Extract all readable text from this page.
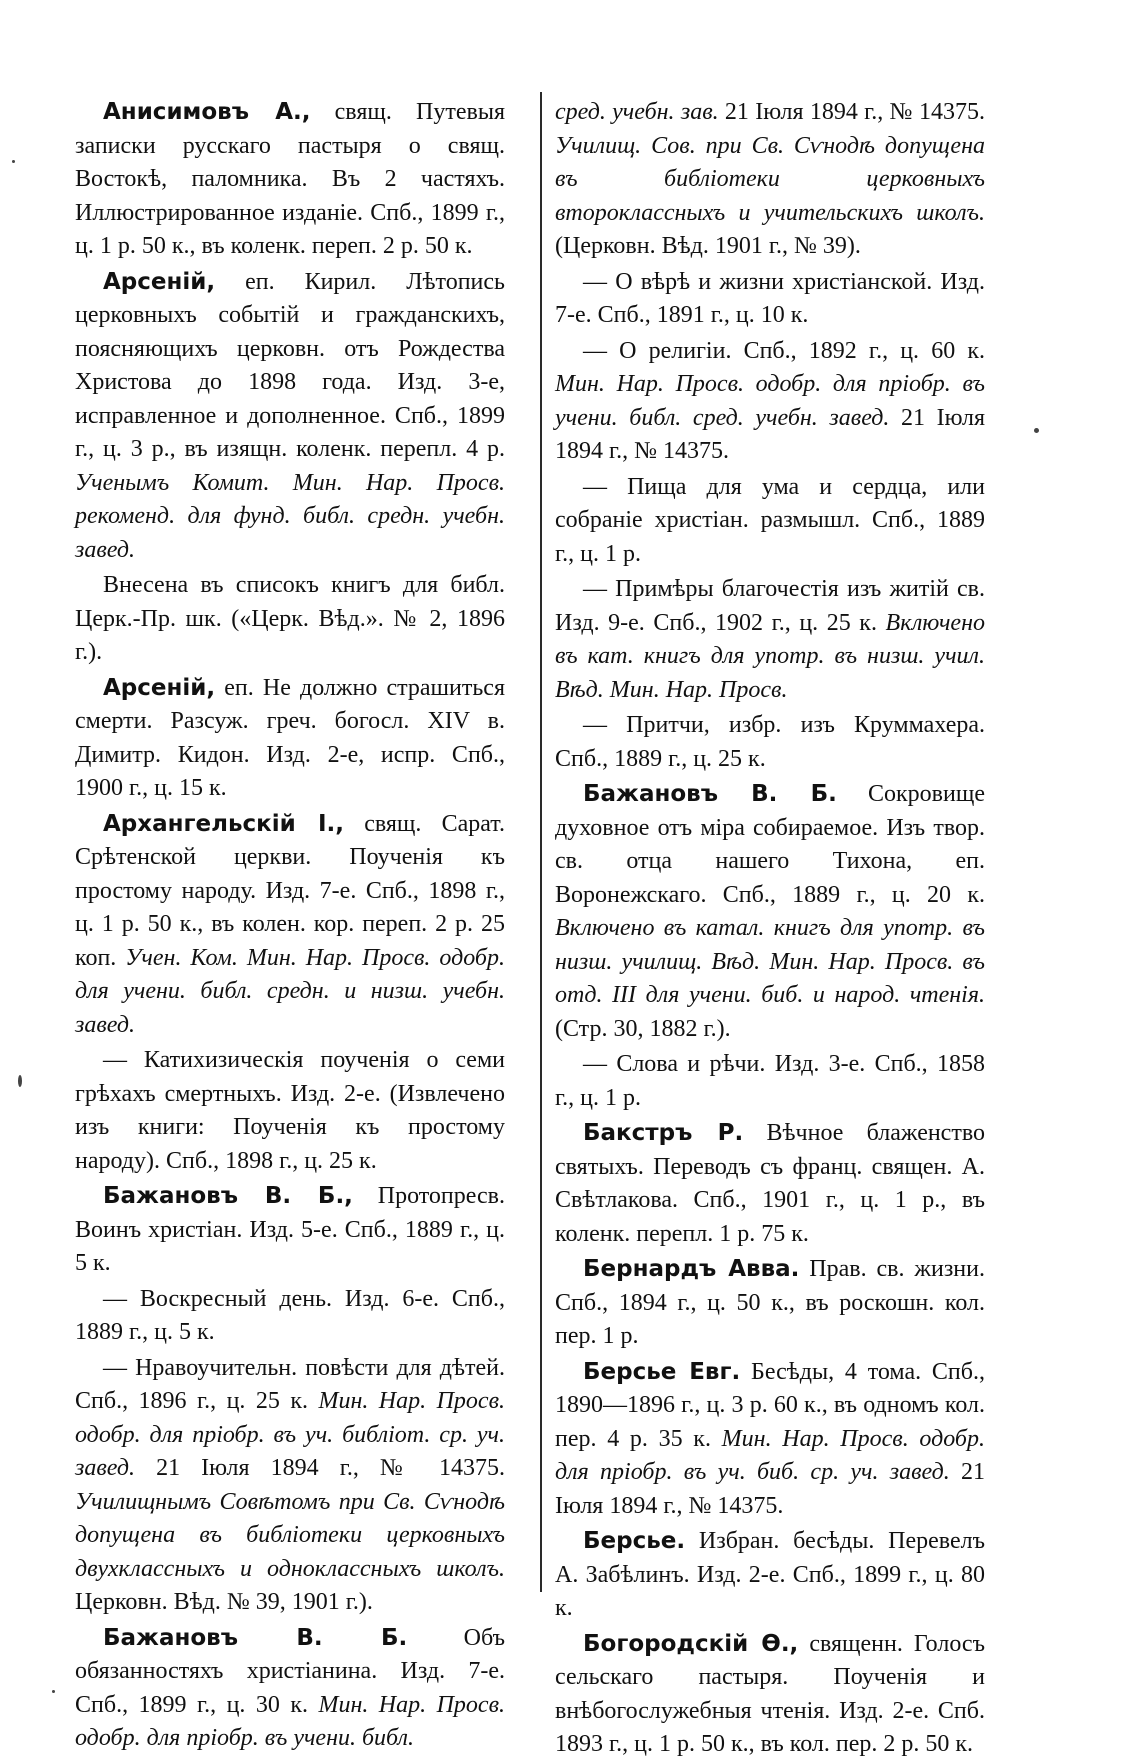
Анисимовъ А., свящ. Путевыя записки русскаго пастыря о свящ. Востокѣ, паломника. Въ 2 частяхъ. Иллюстрированное изданіе. Спб., 1899 г., ц. 1 р. 50 к., въ коленк. переп. 2 р. 50 к.

Арсеній, еп. Кирил. Лѣтопись церковныхъ событій и гражданскихъ, поясняющихъ церковн. отъ Рождества Христова до 1898 года. Изд. 3-е, исправленное и дополненное. Спб., 1899 г., ц. 3 р., въ изящн. коленк. перепл. 4 р. Ученымъ Комит. Мин. Нар. Просв. рекоменд. для фунд. библ. средн. учебн. завед.

Внесена въ списокъ книгъ для библ. Церк.-Пр. шк. («Церк. Вѣд.». № 2, 1896 г.).

Арсеній, еп. Не должно страшиться смерти. Разсуж. греч. богосл. XIV в. Димитр. Кидон. Изд. 2-е, испр. Спб., 1900 г., ц. 15 к.

Архангельскій І., свящ. Сарат. Срѣтенской церкви. Поученія къ простому народу. Изд. 7-е. Спб., 1898 г., ц. 1 р. 50 к., въ колен. кор. переп. 2 р. 25 коп. Учен. Ком. Мин. Нар. Просв. одобр. для учени. библ. средн. и низш. учебн. завед.

— Катихизическія поученія о семи грѣхахъ смертныхъ. Изд. 2-е. (Извлечено изъ книги: Поученія къ простому народу). Спб., 1898 г., ц. 25 к.

Бажановъ В. Б., Протопресв. Воинъ христіан. Изд. 5-е. Спб., 1889 г., ц. 5 к.

— Воскресный день. Изд. 6-е. Спб., 1889 г., ц. 5 к.

— Нравоучительн. повѣсти для дѣтей. Спб., 1896 г., ц. 25 к. Мин. Нар. Просв. одобр. для пріобр. въ уч. библіот. ср. уч. завед. 21 Іюля 1894 г., № 14375. Училищнымъ Совѣтомъ при Св. Сѵнодѣ допущена въ библіотеки церковныхъ двухклассныхъ и одноклассныхъ школъ. Церковн. Вѣд. № 39, 1901 г.).

Бажановъ В. Б. Объ обязанностяхъ христіанина. Изд. 7-е. Спб., 1899 г., ц. 30 к. Мин. Нар. Просв. одобр. для пріобр. въ учени. библ.

сред. учебн. зав. 21 Іюля 1894 г., № 14375. Училищ. Сов. при Св. Сѵнодѣ допущена въ библіотеки церковныхъ второклассныхъ и учительскихъ школъ. (Церковн. Вѣд. 1901 г., № 39).

— О вѣрѣ и жизни христіанской. Изд. 7-е. Спб., 1891 г., ц. 10 к.

— О религіи. Спб., 1892 г., ц. 60 к. Мин. Нар. Просв. одобр. для пріобр. въ учени. библ. сред. учебн. завед. 21 Іюля 1894 г., № 14375.

— Пища для ума и сердца, или собраніе христіан. размышл. Спб., 1889 г., ц. 1 р.

— Примѣры благочестія изъ житій св. Изд. 9-е. Спб., 1902 г., ц. 25 к. Включено въ кат. книгъ для употр. въ низш. учил. Вѣд. Мин. Нар. Просв.

— Притчи, избр. изъ Круммахера. Спб., 1889 г., ц. 25 к.

Бажановъ В. Б. Сокровище духовное отъ міра собираемое. Изъ твор. св. отца нашего Тихона, еп. Воронежскаго. Спб., 1889 г., ц. 20 к. Включено въ катал. книгъ для употр. въ низш. училищ. Вѣд. Мин. Нар. Просв. въ отд. III для учени. биб. и народ. чтенія. (Стр. 30, 1882 г.).

— Слова и рѣчи. Изд. 3-е. Спб., 1858 г., ц. 1 р.

Бакстръ Р. Вѣчное блаженство святыхъ. Переводъ съ франц. священ. А. Свѣтлакова. Спб., 1901 г., ц. 1 р., въ коленк. перепл. 1 р. 75 к.

Бернардъ Авва. Прав. св. жизни. Спб., 1894 г., ц. 50 к., въ роскошн. кол. пер. 1 р.

Берсье Евг. Бесѣды, 4 тома. Спб., 1890—1896 г., ц. 3 р. 60 к., въ одномъ кол. пер. 4 р. 35 к. Мин. Нар. Просв. одобр. для пріобр. въ уч. биб. ср. уч. завед. 21 Іюля 1894 г., № 14375.

Берсье. Избран. бесѣды. Перевелъ А. Забѣлинъ. Изд. 2-е. Спб., 1899 г., ц. 80 к.

Богородскій Ѳ., священн. Голосъ сельскаго пастыря. Поученія и внѣбогослужебныя чтенія. Изд. 2-е. Спб. 1893 г., ц. 1 р. 50 к., въ кол. пер. 2 р. 50 к.
